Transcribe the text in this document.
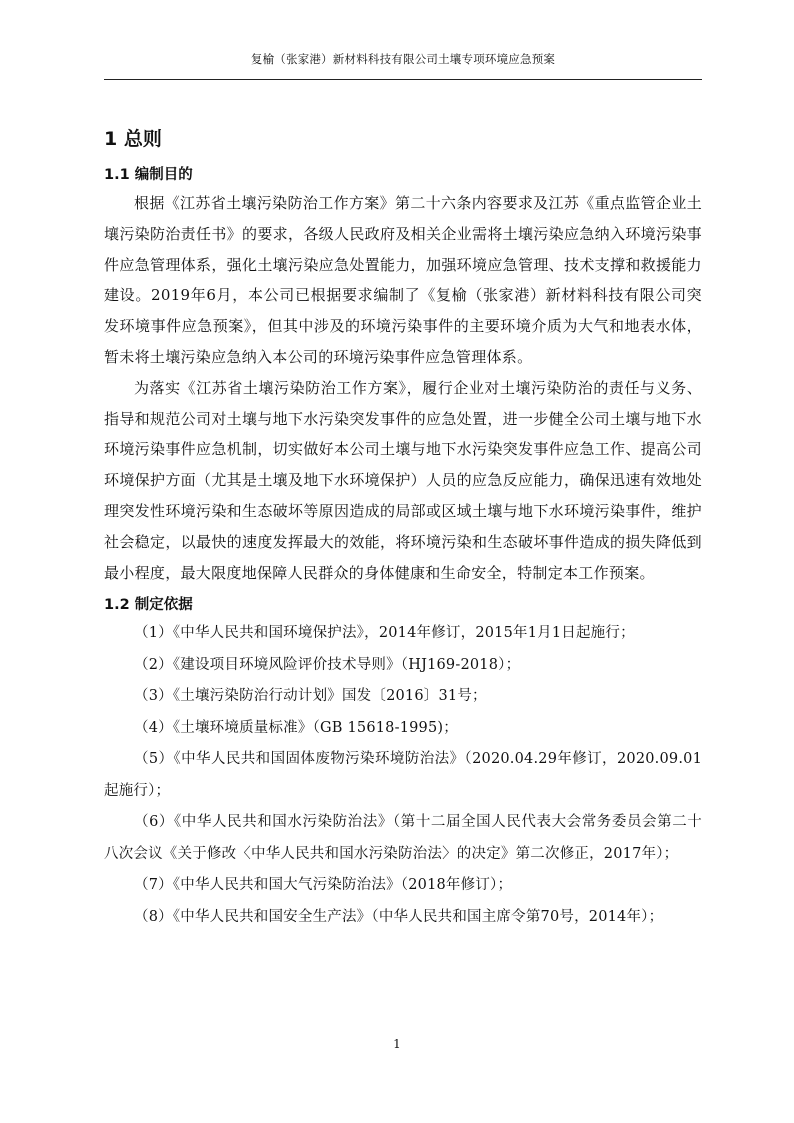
复榆（张家港）新材料科技有限公司土壤专项环境应急预案
1 总则
1.1 编制目的

根据《江苏省土壤污染防治工作方案》第二十六条内容要求及江苏《重点监管企业土壤污染防治责任书》的要求，各级人民政府及相关企业需将土壤污染应急纳入环境污染事件应急管理体系，强化土壤污染应急处置能力，加强环境应急管理、技术支撑和救援能力建设。2019年6月，本公司已根据要求编制了《复榆（张家港）新材料科技有限公司突发环境事件应急预案》，但其中涉及的环境污染事件的主要环境介质为大气和地表水体，暂未将土壤污染应急纳入本公司的环境污染事件应急管理体系。

为落实《江苏省土壤污染防治工作方案》，履行企业对土壤污染防治的责任与义务、指导和规范公司对土壤与地下水污染突发事件的应急处置，进一步健全公司土壤与地下水环境污染事件应急机制，切实做好本公司土壤与地下水污染突发事件应急工作、提高公司环境保护方面（尤其是土壤及地下水环境保护）人员的应急反应能力，确保迅速有效地处理突发性环境污染和生态破坏等原因造成的局部或区域土壤与地下水环境污染事件，维护社会稳定，以最快的速度发挥最大的效能，将环境污染和生态破坏事件造成的损失降低到最小程度，最大限度地保障人民群众的身体健康和生命安全，特制定本工作预案。

1.2 制定依据

（1）《中华人民共和国环境保护法》，2014年修订，2015年1月1日起施行；

（2）《建设项目环境风险评价技术导则》（HJ169-2018）；

（3）《土壤污染防治行动计划》国发〔2016〕31号；

（4）《土壤环境质量标准》（GB 15618-1995)；

（5）《中华人民共和国固体废物污染环境防治法》（2020.04.29年修订，2020.09.01起施行）；

（6）《中华人民共和国水污染防治法》（第十二届全国人民代表大会常务委员会第二十八次会议《关于修改〈中华人民共和国水污染防治法〉的决定》第二次修正，2017年）；

（7）《中华人民共和国大气污染防治法》（2018年修订）；

（8）《中华人民共和国安全生产法》（中华人民共和国主席令第70号，2014年）；

1
